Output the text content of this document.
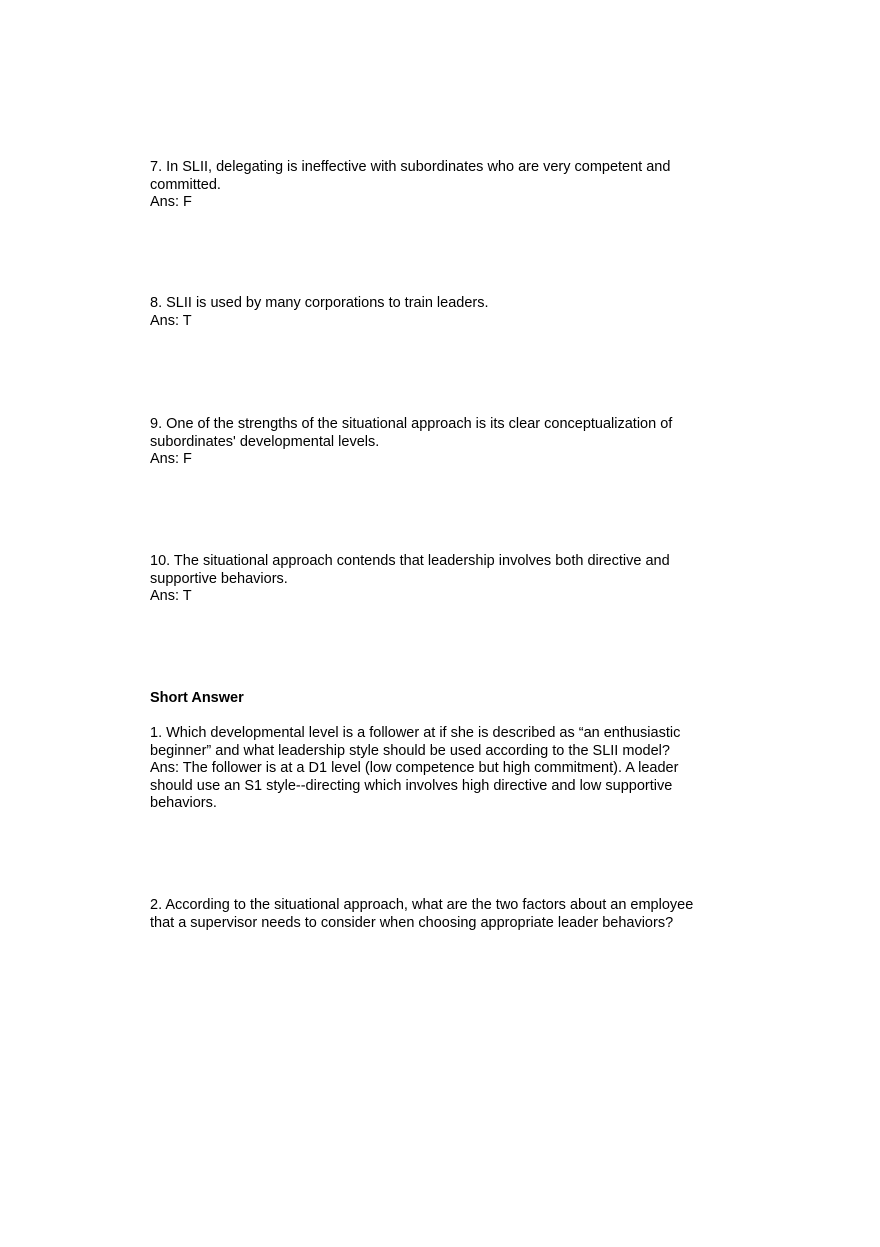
7. In SLII, delegating is ineffective with subordinates who are very competent and
committed.
Ans: F
8. SLII is used by many corporations to train leaders.
Ans: T
9. One of the strengths of the situational approach is its clear conceptualization of
subordinates' developmental levels.
Ans: F
10. The situational approach contends that leadership involves both directive and
supportive behaviors.
Ans: T
Short Answer
1. Which developmental level is a follower at if she is described as “an enthusiastic
beginner” and what leadership style should be used according to the SLII model?
Ans: The follower is at a D1 level (low competence but high commitment). A leader
should use an S1 style--directing which involves high directive and low supportive
behaviors.
2. According to the situational approach, what are the two factors about an employee
that a supervisor needs to consider when choosing appropriate leader behaviors?
